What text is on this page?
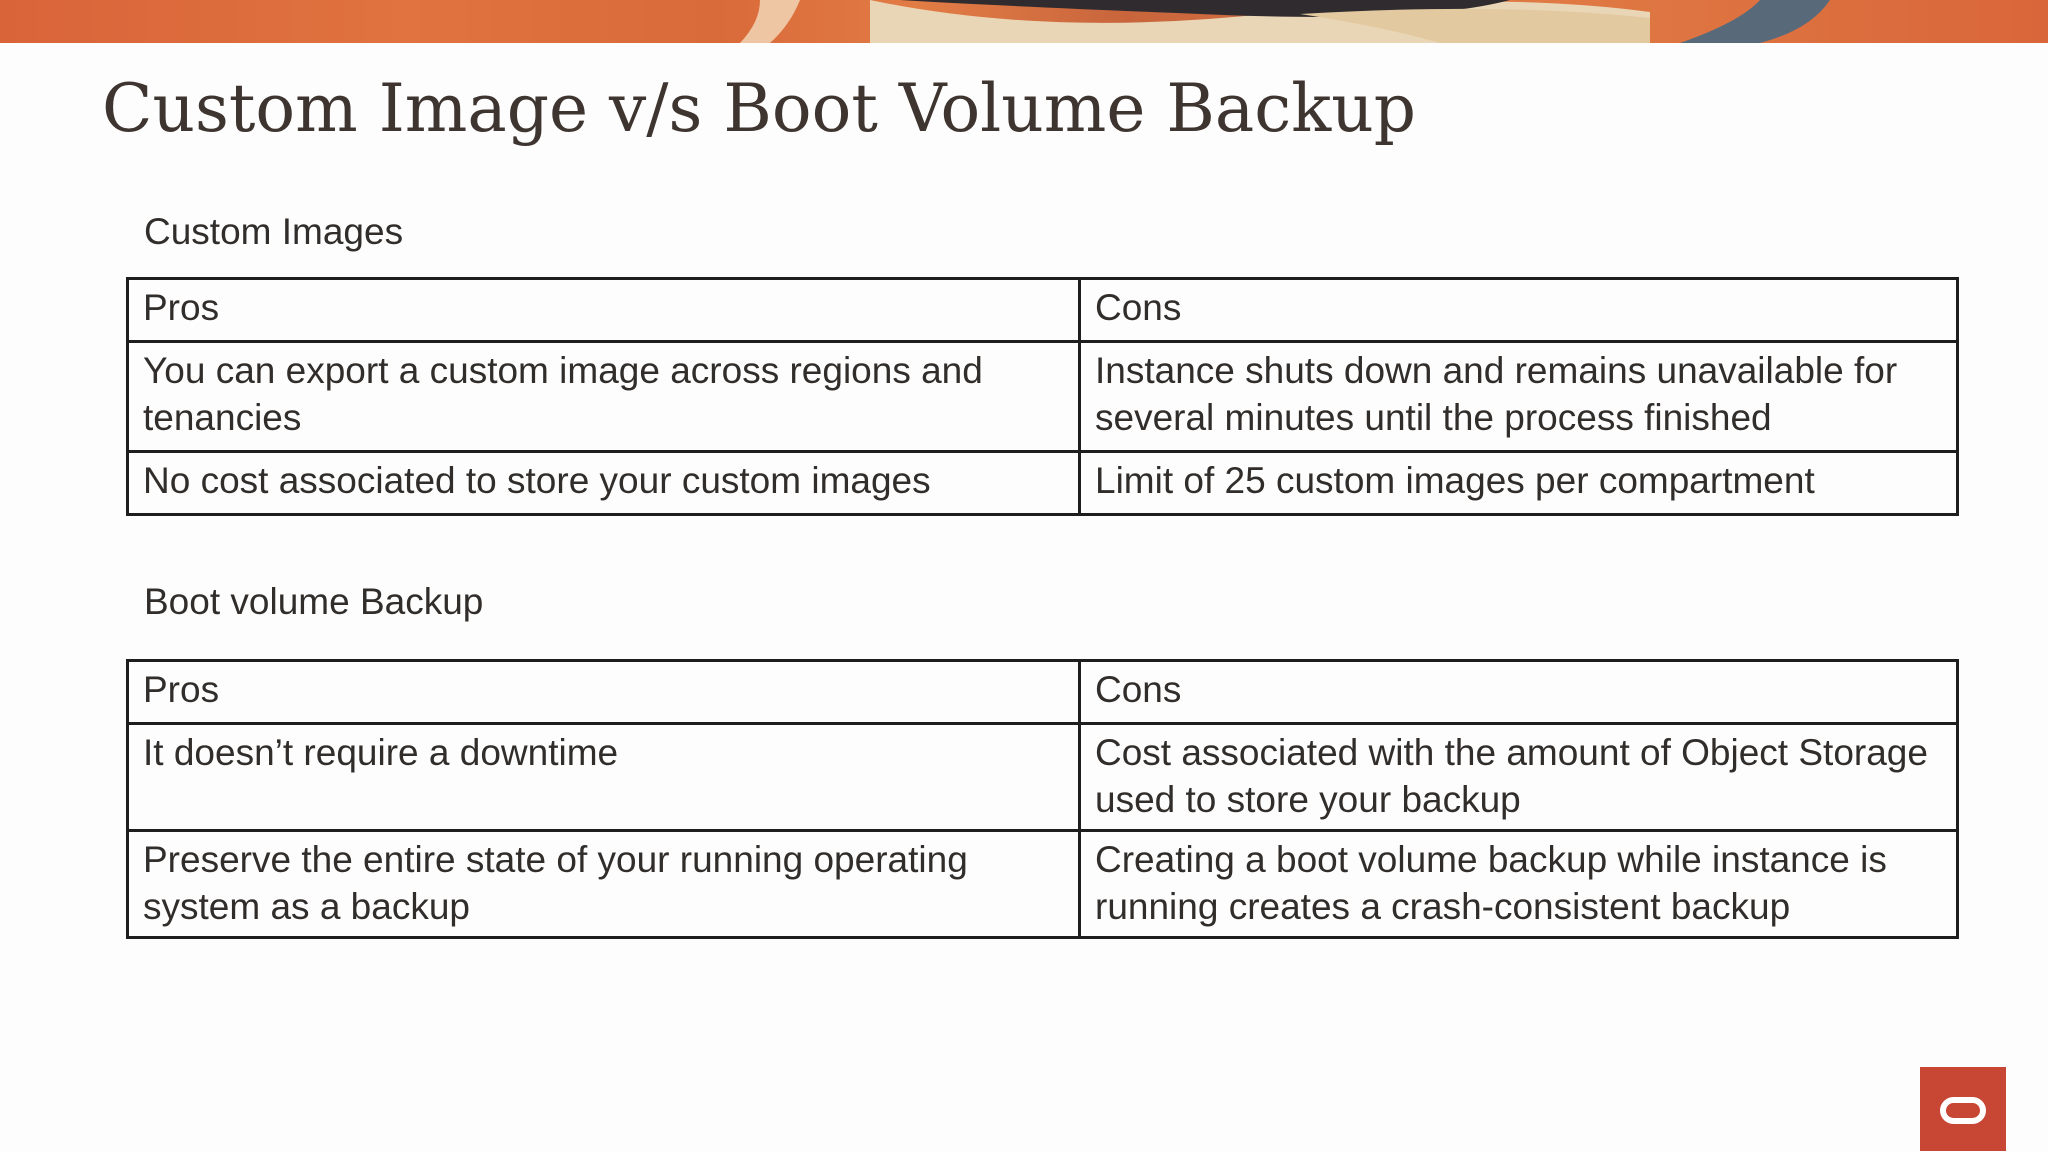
Custom Image v/s Boot Volume Backup
Custom Images
Pros	Cons
You can export a custom image across regions and tenancies	Instance shuts down and remains unavailable for several minutes until the process finished
No cost associated to store your custom images	Limit of 25 custom images per compartment
Boot volume Backup
Pros	Cons
It doesn’t require a downtime	Cost associated with the amount of Object Storage used to store your backup
Preserve the entire state of your running operating system as a backup	Creating a boot volume backup while instance is running creates a crash-consistent backup
